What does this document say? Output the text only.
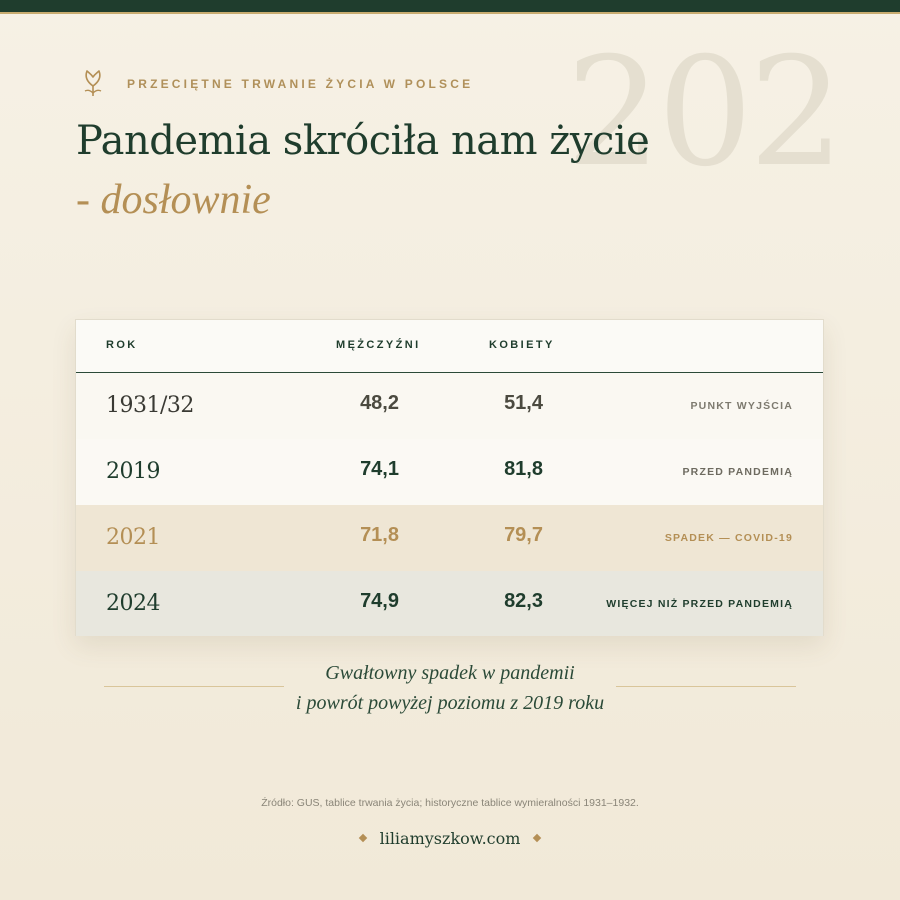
202
PRZECIĘTNE TRWANIE ŻYCIA W POLSCE
Pandemia skróciła nam życie
- dosłownie
ROK	MĘŻCZYŹNI	KOBIETY
1931/32	48,2	51,4	PUNKT WYJŚCIA
2019	74,1	81,8	PRZED PANDEMIĄ
2021	71,8	79,7	SPADEK — COVID-19
2024	74,9	82,3	WIĘCEJ NIŻ PRZED PANDEMIĄ
Gwałtowny spadek w pandemii
i powrót powyżej poziomu z 2019 roku
Źródło: GUS, tablice trwania życia; historyczne tablice wymieralności 1931–1932.
liliamyszkow.com
